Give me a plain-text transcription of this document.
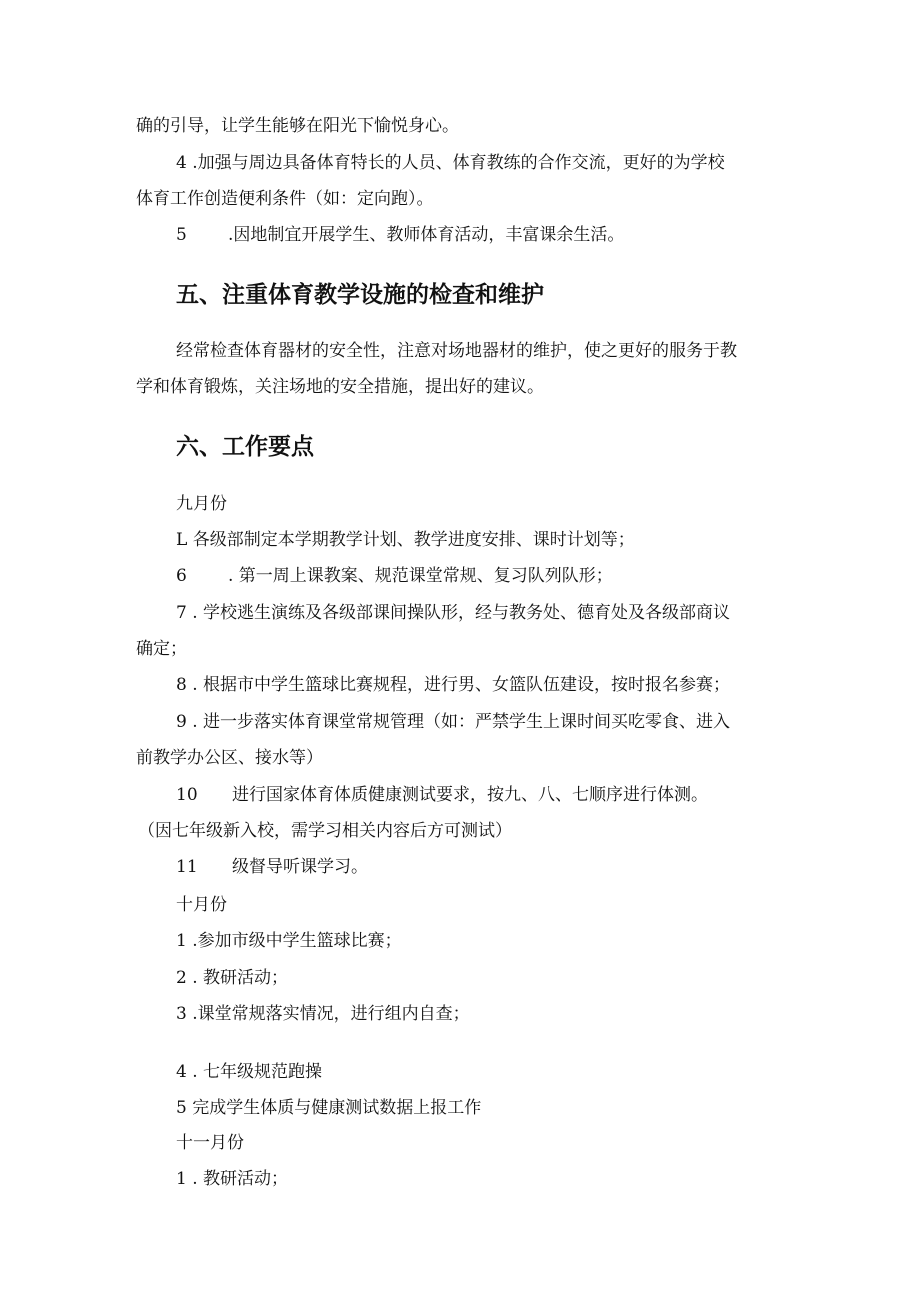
确的引导，让学生能够在阳光下愉悦身心。
4 .加强与周边具备体育特长的人员、体育教练的合作交流，更好的为学校
体育工作创造便利条件（如：定向跑）。
5 .因地制宜开展学生、教师体育活动，丰富课余生活。
五、注重体育教学设施的检查和维护
经常检查体育器材的安全性，注意对场地器材的维护，使之更好的服务于教
学和体育锻炼，关注场地的安全措施，提出好的建议。
六、工作要点
九月份
L 各级部制定本学期教学计划、教学进度安排、课时计划等；
6 . 第一周上课教案、规范课堂常规、复习队列队形；
7 . 学校逃生演练及各级部课间操队形，经与教务处、德育处及各级部商议
确定；
8 . 根据市中学生篮球比赛规程，进行男、女篮队伍建设，按时报名参赛；
9 . 进一步落实体育课堂常规管理（如：严禁学生上课时间买吃零食、进入
前教学办公区、接水等）
10 进行国家体育体质健康测试要求，按九、八、七顺序进行体测。
（因七年级新入校，需学习相关内容后方可测试）
11 级督导听课学习。
十月份
1 .参加市级中学生篮球比赛；
2 . 教研活动；
3 .课堂常规落实情况，进行组内自查；
4 . 七年级规范跑操
5 完成学生体质与健康测试数据上报工作
十一月份
1 . 教研活动；
